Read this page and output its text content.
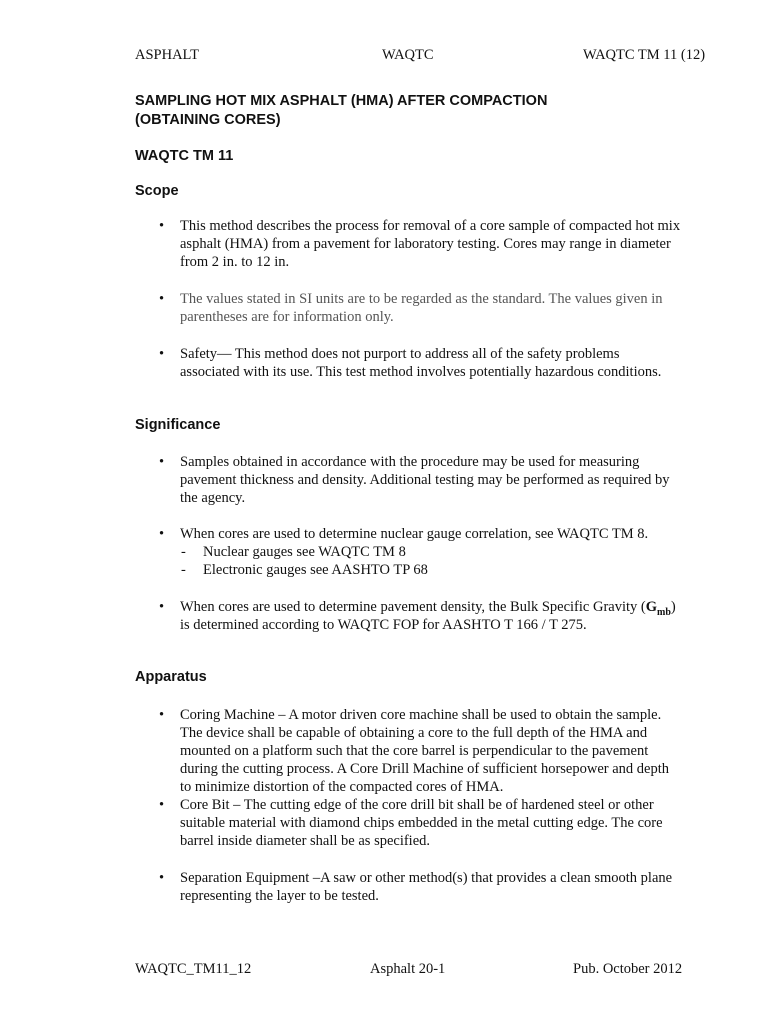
ASPHALT	WAQTC	WAQTC TM 11 (12)
SAMPLING HOT MIX ASPHALT (HMA) AFTER COMPACTION
(OBTAINING CORES)
WAQTC TM 11
Scope
• This method describes the process for removal of a core sample of compacted hot mix
asphalt (HMA) from a pavement for laboratory testing. Cores may range in diameter
from 2 in. to 12 in.
• The values stated in SI units are to be regarded as the standard. The values given in
parentheses are for information only.
• Safety— This method does not purport to address all of the safety problems
associated with its use. This test method involves potentially hazardous conditions.
Significance
• Samples obtained in accordance with the procedure may be used for measuring
pavement thickness and density. Additional testing may be performed as required by
the agency.
• When cores are used to determine nuclear gauge correlation, see WAQTC TM 8.
- Nuclear gauges see WAQTC TM 8
- Electronic gauges see AASHTO TP 68
• When cores are used to determine pavement density, the Bulk Specific Gravity $(G_{mb})$
is determined according to WAQTC FOP for AASHTO T 166 / T 275.
Apparatus
• Coring Machine – A motor driven core machine shall be used to obtain the sample.
The device shall be capable of obtaining a core to the full depth of the HMA and
mounted on a platform such that the core barrel is perpendicular to the pavement
during the cutting process. A Core Drill Machine of sufficient horsepower and depth
to minimize distortion of the compacted cores of HMA.
• Core Bit – The cutting edge of the core drill bit shall be of hardened steel or other
suitable material with diamond chips embedded in the metal cutting edge. The core
barrel inside diameter shall be as specified.
• Separation Equipment –A saw or other method(s) that provides a clean smooth plane
representing the layer to be tested.
WAQTC_TM11_12	Asphalt 20-1	Pub. October 2012
